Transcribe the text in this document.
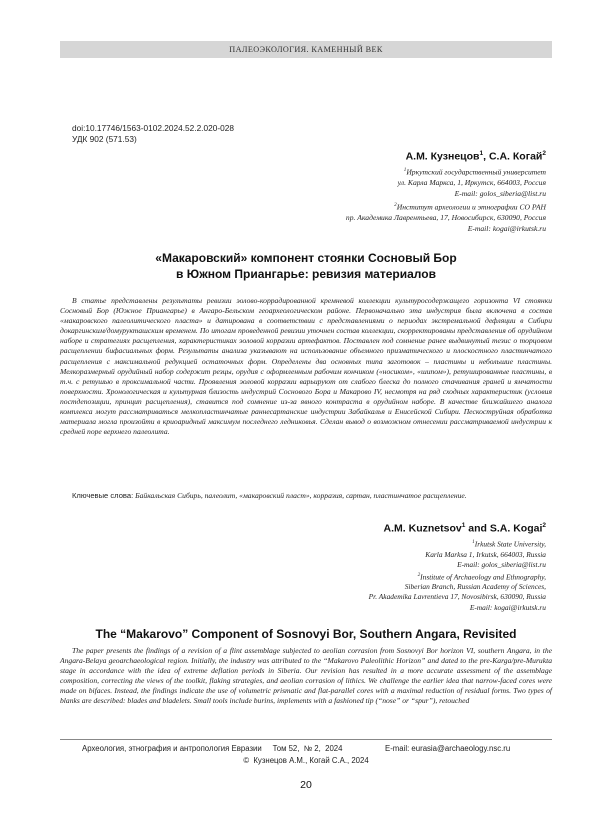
ПАЛЕОЭКОЛОГИЯ. КАМЕННЫЙ ВЕК
doi:10.17746/1563-0102.2024.52.2.020-028
УДК 902 (571.53)
А.М. Кузнецов$^1$, С.А. Когай$^2$
$^1$Иркутский государственный университет
ул. Карла Маркса, 1, Иркутск, 664003, Россия
E-mail: golos_siberia@list.ru
$^2$Институт археологии и этнографии СО РАН
пр. Академика Лаврентьева, 17, Новосибирск, 630090, Россия
E-mail: kogai@irkutsk.ru
«Макаровский» компонент стоянки Сосновый Бор
в Южном Приангарье: ревизия материалов

В статье представлены результаты ревизии эолово-коррадированной кремневой коллекции культуросодержащего горизонта VI стоянки Сосновый Бор (Южное Приангарье) в Ангаро-Бельском геоархеологическом районе. Первоначально эта индустрия была включена в состав «макаровского палеолитического пласта» и датирована в соответствии с представлениями о периодах экстремальной дефляции в Сибири докаргинским/домурукташским временем. По итогам проведенной ревизии уточнен состав коллекции, скорректированы представления об орудийном наборе и стратегиях расщепления, характеристиках эоловой корразии артефактов. Поставлен под сомнение ранее выдвинутый тезис о торцовом расщеплении бифасиальных форм. Результаты анализа указывают на использование объемного призматического и плоскостного пластинчатого расщепления с максимальной редукцией остаточных форм. Определены два основных типа заготовок – пластины и небольшие пластины. Мелкоразмерный орудийный набор содержит резцы, орудия с оформленным рабочим кончиком («носиком», «шипом»), ретушированные пластины, в т.ч. с ретушью в проксимальной части. Проявления эоловой корразии варьируют от слабого блеска до полного стачивания граней и ямчатости поверхности. Хронологическая и культурная близость индустрий Соснового Бора и Макарово IV, несмотря на ряд сходных характеристик (условия постдепозиции, принцип расщепления), ставится под сомнение из-за явного контраста в орудийном наборе. В качестве ближайшего аналога комплекса могут рассматриваться мелкопластинчатые раннесартанские индустрии Забайкалья и Енисейской Сибири. Пескоструйная обработка материала могла произойти в криоаридный максимум последнего ледниковья. Сделан вывод о возможном отнесении рассматриваемой индустрии к средней поре верхнего палеолита.

Ключевые слова: Байкальская Сибирь, палеолит, «макаровский пласт», корразия, сартан, пластинчатое расщепление.
A.M. Kuznetsov$^1$ and S.A. Kogai$^2$
$^1$Irkutsk State University,
Karla Marksa 1, Irkutsk, 664003, Russia
E-mail: golos_siberia@list.ru
$^2$Institute of Archaeology and Ethnography,
Siberian Branch, Russian Academy of Sciences,
Pr. Akademika Lavrentieva 17, Novosibirsk, 630090, Russia
E-mail: kogai@irkutsk.ru
The “Makarovo” Component of Sosnovyi Bor, Southern Angara, Revisited

The paper presents the findings of a revision of a flint assemblage subjected to aeolian corrasion from Sosnovyi Bor horizon VI, southern Angara, in the Angara-Belaya geoarchaeological region. Initially, the industry was attributed to the “Makarovo Paleolithic Horizon” and dated to the pre-Karga/pre-Murukta stage in accordance with the idea of extreme deflation periods in Siberia. Our revision has resulted in a more accurate assessment of the assemblage composition, correcting the views of the toolkit, flaking strategies, and aeolian corrasion of lithics. We challenge the earlier idea that narrow-faced cores were made on bifaces. Instead, the findings indicate the use of volumetric prismatic and flat-parallel cores with a maximal reduction of residual forms. Two types of blanks are described: blades and bladelets. Small tools include burins, implements with a fashioned tip (“nose” or “spur”), retouched

Археология, этнография и антропология Евразии     Том 52,  № 2,  2024	E-mail: eurasia@archaeology.nsc.ru
©  Кузнецов А.М., Когай С.А., 2024
20
